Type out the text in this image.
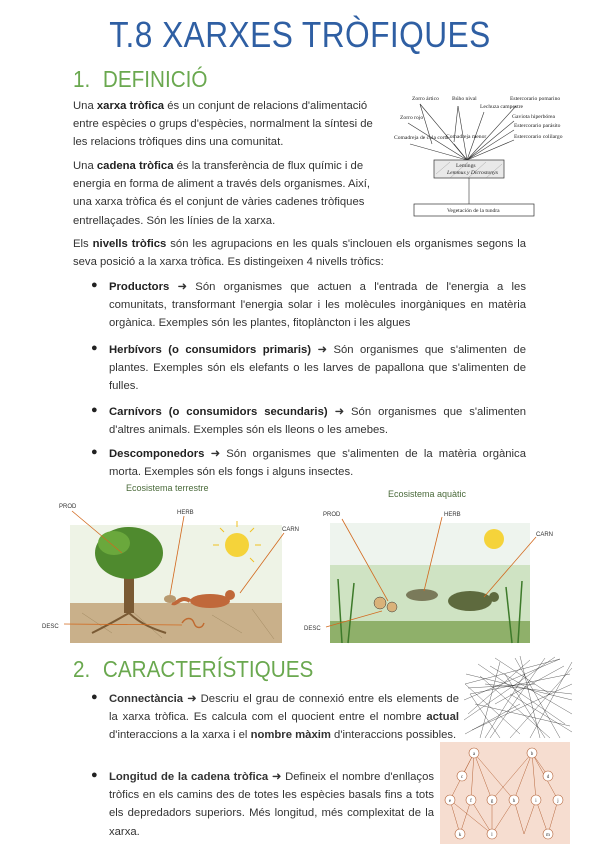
T.8 XARXES TRÒFIQUES
1. DEFINICIÓ
Una xarxa tròfica és un conjunt de relacions d'alimentació entre espècies o grups d'espècies, normalment la síntesi de les relacions tròfiques dins una comunitat.
Una cadena tròfica és la transferència de flux químic i de energia en forma de aliment a través dels organismes. Així, una xarxa tròfica és el conjunt de vàries cadenes tròfiques entrellaçades. Són les línies de la xarxa.
Zorro ártico Búho nival
Lechuza campestre
Estercorario pomarino
Zorro rojo	Gaviota hiperbórea
Estercorario parásito
Estercorario colilargo
Comadreja de cola corta
Comadreja menor
Lemings
Lemmus y Dicrostonyx
Vegetación de la tundra
Els nivells tròfics són les agrupacions en les quals s'inclouen els organismes segons la seva posició a la xarxa tròfica. Es distingeixen 4 nivells tròfics:
● Productors ➜ Són organismes que actuen a l'entrada de l'energia a les comunitats, transformant l'energia solar i les molècules inorgàniques en matèria orgànica. Exemples són les plantes, fitoplàncton i les algues
● Herbívors (o consumidors primaris) ➜ Són organismes que s'alimenten de plantes. Exemples són els elefants o les larves de papallona que s'alimenten de fulles.
● Carnívors (o consumidors secundaris) ➜ Són organismes que s'alimenten d'altres animals. Exemples són els lleons o les amebes.
● Descomponedors ➜ Són organismes que s'alimenten de la matèria orgànica morta. Exemples són els fongs i alguns insectes.
Ecosistema terrestre
PROD
HERB
CARN
DESC
Ecosistema aquàtic
PROD	HERB
CARN
DESC
2. CARACTERÍSTIQUES
● Connectància ➜ Descriu el grau de connexió entre els elements de la xarxa tròfica. Es calcula com el quocient entre el nombre actual d'interaccions a la xarxa i el nombre màxim d'interaccions possibles.
● Longitud de la cadena tròfica ➜ Defineix el nombre d'enllaços tròfics en els camins des de totes les espècies basals fins a tots els depredadors superiors. Més longitud, més complexitat de la xarxa.
a	b
c	d
e	f	g	h	i	j
k	l	m
